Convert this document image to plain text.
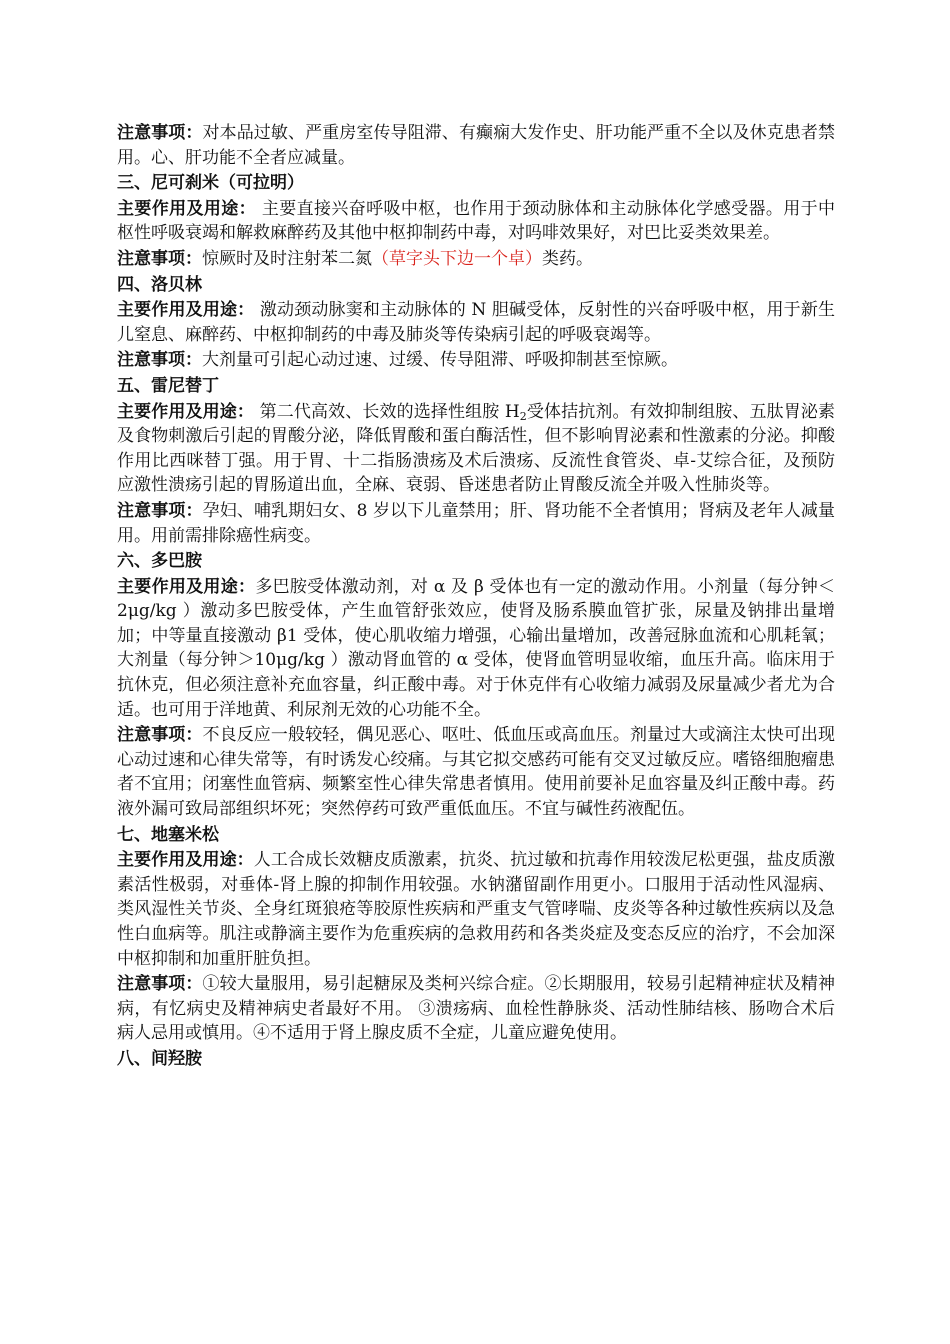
注意事项：对本品过敏、严重房室传导阻滞、有癫痫大发作史、肝功能严重不全以及休克患者禁用。心、肝功能不全者应减量。

三、尼可刹米（可拉明）

主要作用及用途： 主要直接兴奋呼吸中枢，也作用于颈动脉体和主动脉体化学感受器。用于中枢性呼吸衰竭和解救麻醉药及其他中枢抑制药中毒，对吗啡效果好，对巴比妥类效果差。

注意事项：惊厥时及时注射苯二氮（草字头下边一个卓）类药。

四、洛贝林

主要作用及用途： 激动颈动脉窦和主动脉体的 N 胆碱受体，反射性的兴奋呼吸中枢，用于新生儿窒息、麻醉药、中枢抑制药的中毒及肺炎等传染病引起的呼吸衰竭等。

注意事项：大剂量可引起心动过速、过缓、传导阻滞、呼吸抑制甚至惊厥。

五、雷尼替丁

主要作用及用途： 第二代高效、长效的选择性组胺 $H_2$受体拮抗剂。有效抑制组胺、五肽胃泌素及食物刺激后引起的胃酸分泌，降低胃酸和蛋白酶活性，但不影响胃泌素和性激素的分泌。抑酸作用比西咪替丁强。用于胃、十二指肠溃疡及术后溃疡、反流性食管炎、卓-艾综合征，及预防应激性溃疡引起的胃肠道出血，全麻、衰弱、昏迷患者防止胃酸反流全并吸入性肺炎等。

注意事项：孕妇、哺乳期妇女、8 岁以下儿童禁用；肝、肾功能不全者慎用；肾病及老年人减量用。用前需排除癌性病变。

六、多巴胺

主要作用及用途：多巴胺受体激动剂，对 α 及 β 受体也有一定的激动作用。小剂量（每分钟＜2μg/kg ）激动多巴胺受体，产生血管舒张效应，使肾及肠系膜血管扩张，尿量及钠排出量增加；中等量直接激动 β1 受体，使心肌收缩力增强，心输出量增加，改善冠脉血流和心肌耗氧；大剂量（每分钟＞10μg/kg ）激动肾血管的 α 受体，使肾血管明显收缩，血压升高。临床用于抗休克，但必须注意补充血容量，纠正酸中毒。对于休克伴有心收缩力减弱及尿量减少者尤为合适。也可用于洋地黄、利尿剂无效的心功能不全。

注意事项：不良反应一般较轻，偶见恶心、呕吐、低血压或高血压。剂量过大或滴注太快可出现心动过速和心律失常等，有时诱发心绞痛。与其它拟交感药可能有交叉过敏反应。嗜铬细胞瘤患者不宜用；闭塞性血管病、频繁室性心律失常患者慎用。使用前要补足血容量及纠正酸中毒。药液外漏可致局部组织坏死；突然停药可致严重低血压。不宜与碱性药液配伍。

七、地塞米松

主要作用及用途：人工合成长效糖皮质激素，抗炎、抗过敏和抗毒作用较泼尼松更强，盐皮质激素活性极弱，对垂体-肾上腺的抑制作用较强。水钠潴留副作用更小。口服用于活动性风湿病、类风湿性关节炎、全身红斑狼疮等胶原性疾病和严重支气管哮喘、皮炎等各种过敏性疾病以及急性白血病等。肌注或静滴主要作为危重疾病的急救用药和各类炎症及变态反应的治疗，不会加深中枢抑制和加重肝脏负担。

注意事项：①较大量服用，易引起糖尿及类柯兴综合症。②长期服用，较易引起精神症状及精神病，有忆病史及精神病史者最好不用。 ③溃疡病、血栓性静脉炎、活动性肺结核、肠吻合术后病人忌用或慎用。④不适用于肾上腺皮质不全症，儿童应避免使用。

八、间羟胺
